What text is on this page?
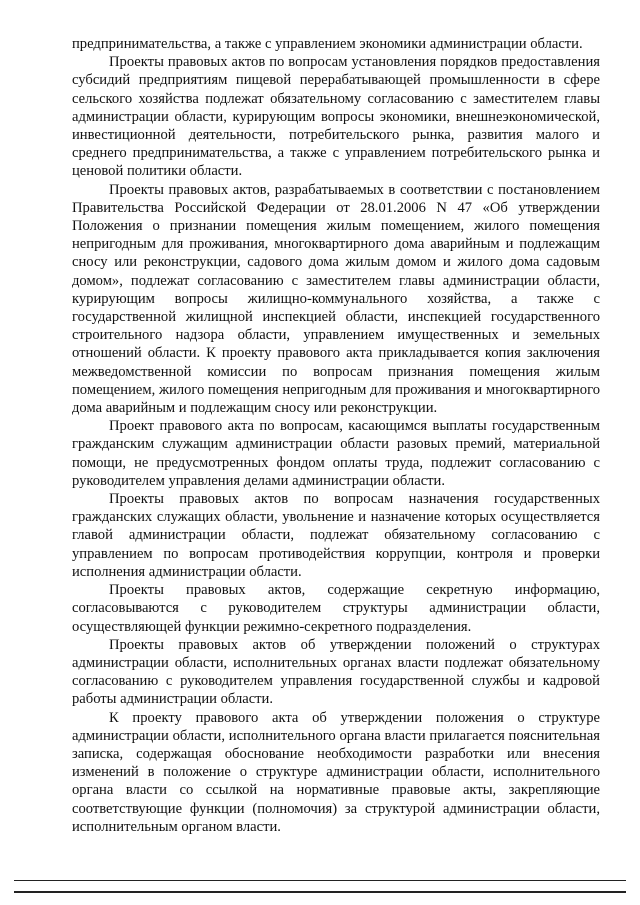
предпринимательства, а также с управлением экономики администрации области.

Проекты правовых актов по вопросам установления порядков предоставления субсидий предприятиям пищевой перерабатывающей промышленности в сфере сельского хозяйства подлежат обязательному согласованию с заместителем главы администрации области, курирующим вопросы экономики, внешнеэкономической, инвестиционной деятельности, потребительского рынка, развития малого и среднего предпринимательства, а также с управлением потребительского рынка и ценовой политики области.

Проекты правовых актов, разрабатываемых в соответствии с постановлением Правительства Российской Федерации от 28.01.2006 N 47 «Об утверждении Положения о признании помещения жилым помещением, жилого помещения непригодным для проживания, многоквартирного дома аварийным и подлежащим сносу или реконструкции, садового дома жилым домом и жилого дома садовым домом», подлежат согласованию с заместителем главы администрации области, курирующим вопросы жилищно-коммунального хозяйства, а также с государственной жилищной инспекцией области, инспекцией государственного строительного надзора области, управлением имущественных и земельных отношений области. К проекту правового акта прикладывается копия заключения межведомственной комиссии по вопросам признания помещения жилым помещением, жилого помещения непригодным для проживания и многоквартирного дома аварийным и подлежащим сносу или реконструкции.

Проект правового акта по вопросам, касающимся выплаты государственным гражданским служащим администрации области разовых премий, материальной помощи, не предусмотренных фондом оплаты труда, подлежит согласованию с руководителем управления делами администрации области.

Проекты правовых актов по вопросам назначения государственных гражданских служащих области, увольнение и назначение которых осуществляется главой администрации области, подлежат обязательному согласованию с управлением по вопросам противодействия коррупции, контроля и проверки исполнения администрации области.

Проекты правовых актов, содержащие секретную информацию, согласовываются с руководителем структуры администрации области, осуществляющей функции режимно-секретного подразделения.

Проекты правовых актов об утверждении положений о структурах администрации области, исполнительных органах власти подлежат обязательному согласованию с руководителем управления государственной службы и кадровой работы администрации области.

К проекту правового акта об утверждении положения о структуре администрации области, исполнительного органа власти прилагается пояснительная записка, содержащая обоснование необходимости разработки или внесения изменений в положение о структуре администрации области, исполнительного органа власти со ссылкой на нормативные правовые акты, закрепляющие соответствующие функции (полномочия) за структурой администрации области, исполнительным органом власти.
